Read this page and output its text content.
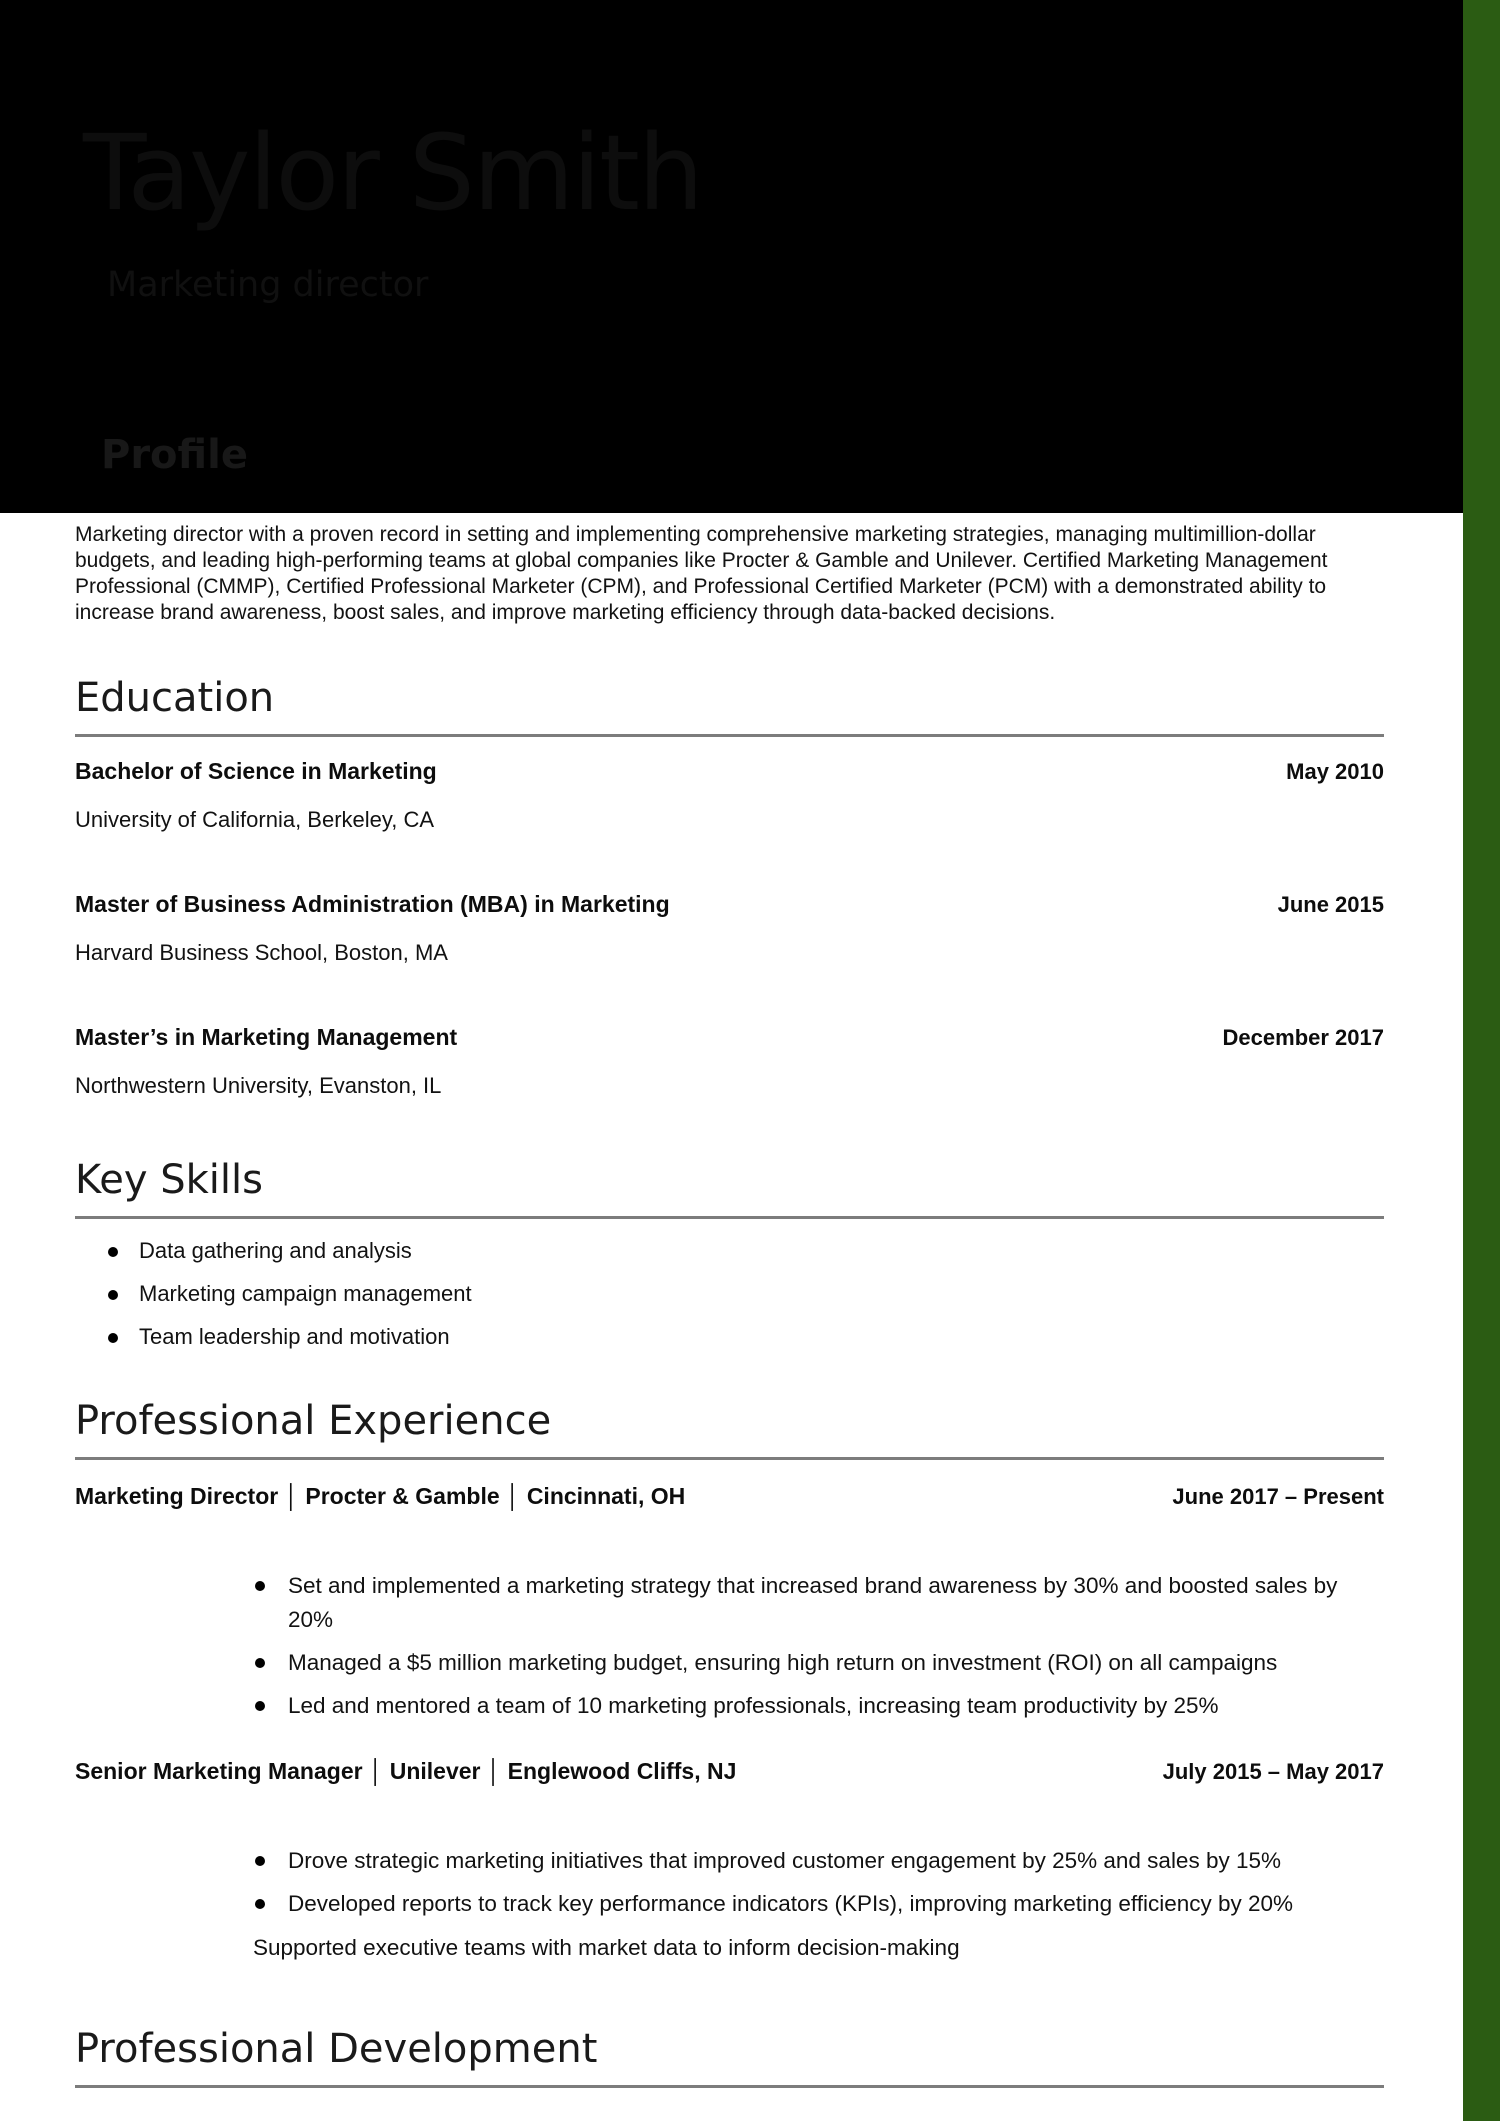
Taylor Smith
Marketing director
Profile

Marketing director with a proven record in setting and implementing comprehensive marketing strategies, managing multimillion-dollar budgets, and leading high-performing teams at global companies like Procter & Gamble and Unilever. Certified Marketing Management Professional (CMMP), Certified Professional Marketer (CPM), and Professional Certified Marketer (PCM) with a demonstrated ability to increase brand awareness, boost sales, and improve marketing efficiency through data-backed decisions.

Education
Bachelor of Science in Marketing	May 2010
University of California, Berkeley, CA
Master of Business Administration (MBA) in Marketing	June 2015
Harvard Business School, Boston, MA
Master’s in Marketing Management	December 2017
Northwestern University, Evanston, IL
Key Skills
Data gathering and analysis
Marketing campaign management
Team leadership and motivation
Professional Experience
Marketing Director │ Procter & Gamble │ Cincinnati, OH	June 2017 – Present
Set and implemented a marketing strategy that increased brand awareness by 30% and boosted sales by 20%
Managed a $5 million marketing budget, ensuring high return on investment (ROI) on all campaigns
Led and mentored a team of 10 marketing professionals, increasing team productivity by 25%
Senior Marketing Manager │ Unilever │ Englewood Cliffs, NJ	July 2015 – May 2017
Drove strategic marketing initiatives that improved customer engagement by 25% and sales by 15%
Developed reports to track key performance indicators (KPIs), improving marketing efficiency by 20%
Supported executive teams with market data to inform decision-making
Professional Development
